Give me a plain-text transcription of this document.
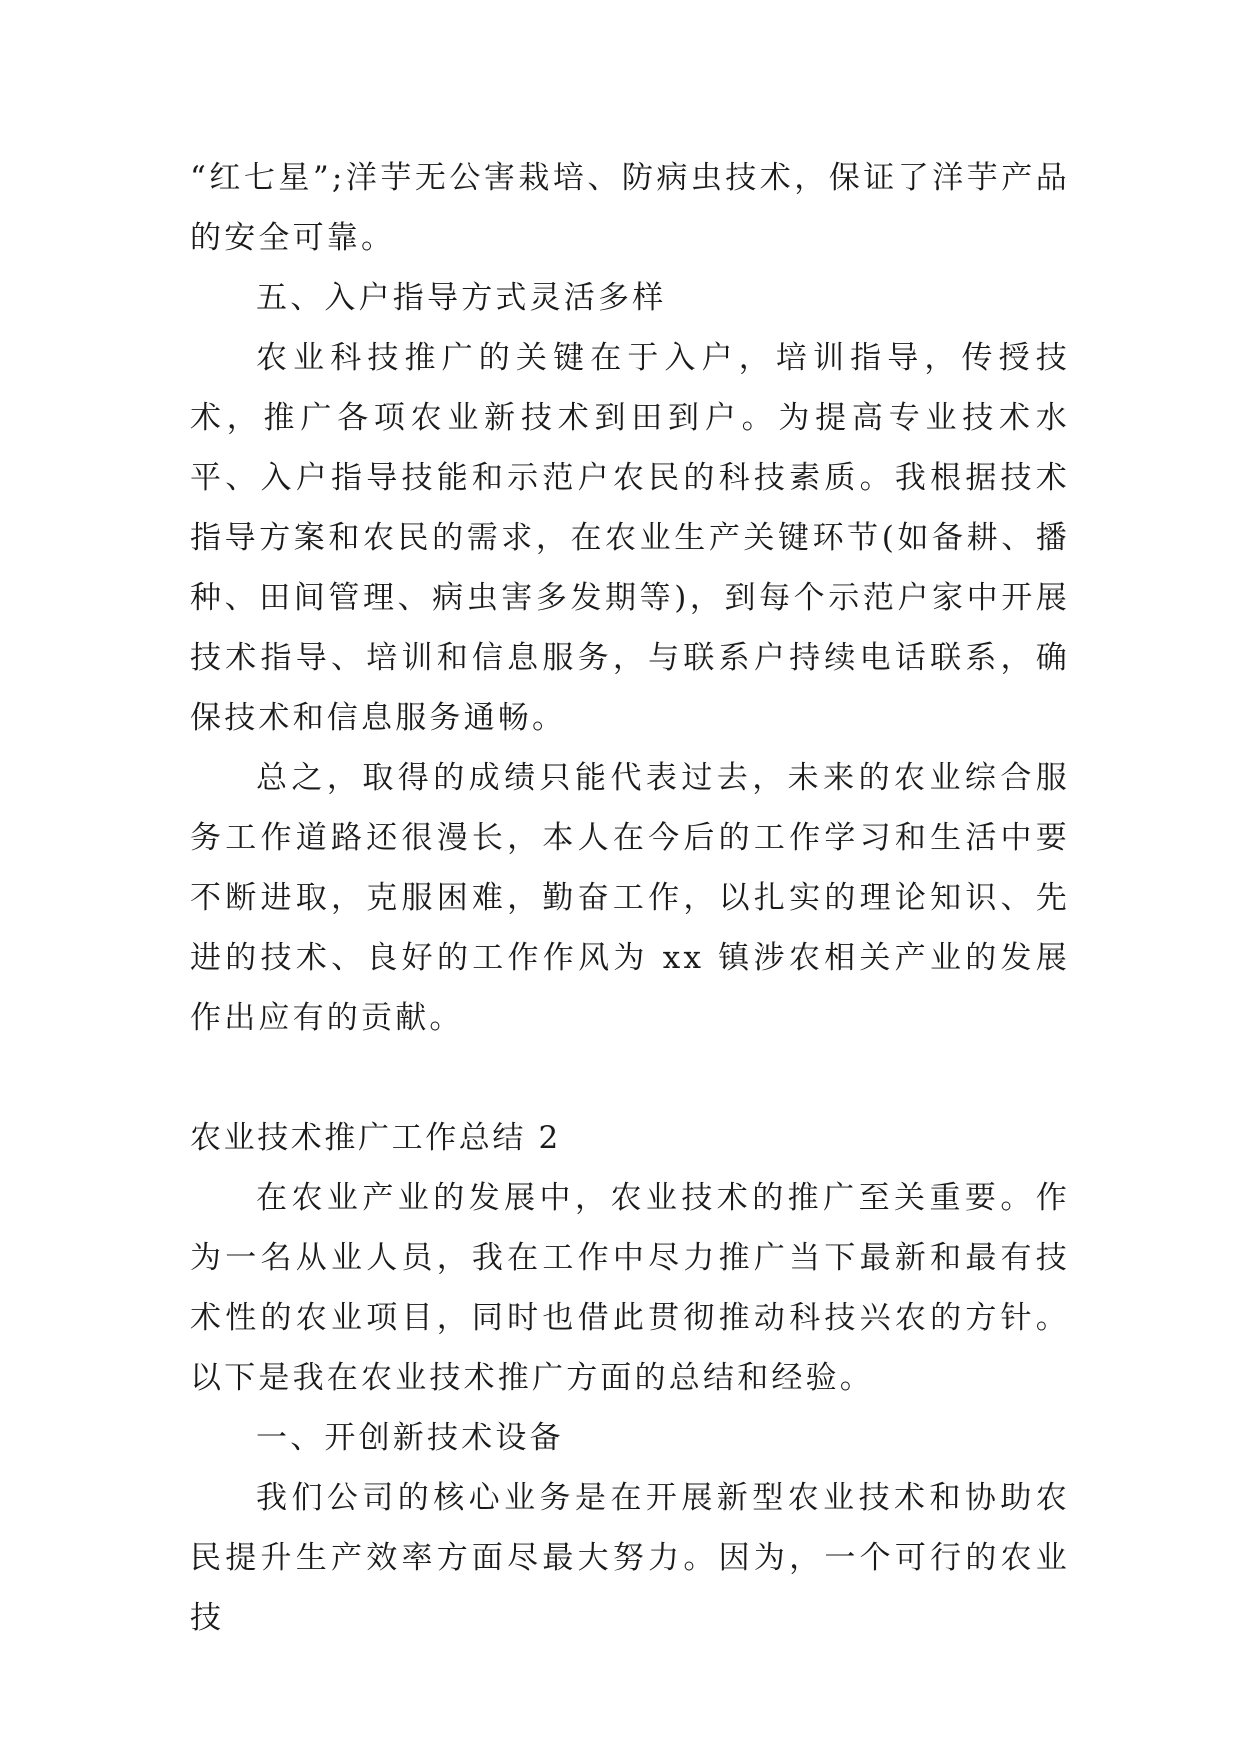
“红七星”;洋芋无公害栽培、防病虫技术，保证了洋芋产品的安全可靠。

五、入户指导方式灵活多样

农业科技推广的关键在于入户，培训指导，传授技术，推广各项农业新技术到田到户。为提高专业技术水平、入户指导技能和示范户农民的科技素质。我根据技术指导方案和农民的需求，在农业生产关键环节(如备耕、播种、田间管理、病虫害多发期等)，到每个示范户家中开展技术指导、培训和信息服务，与联系户持续电话联系，确保技术和信息服务通畅。

总之，取得的成绩只能代表过去，未来的农业综合服务工作道路还很漫长，本人在今后的工作学习和生活中要不断进取，克服困难，勤奋工作，以扎实的理论知识、先进的技术、良好的工作作风为 xx 镇涉农相关产业的发展作出应有的贡献。

农业技术推广工作总结 2

在农业产业的发展中，农业技术的推广至关重要。作为一名从业人员，我在工作中尽力推广当下最新和最有技术性的农业项目，同时也借此贯彻推动科技兴农的方针。 以下是我在农业技术推广方面的总结和经验。

一、开创新技术设备

我们公司的核心业务是在开展新型农业技术和协助农民提升生产效率方面尽最大努力。因为，一个可行的农业技
